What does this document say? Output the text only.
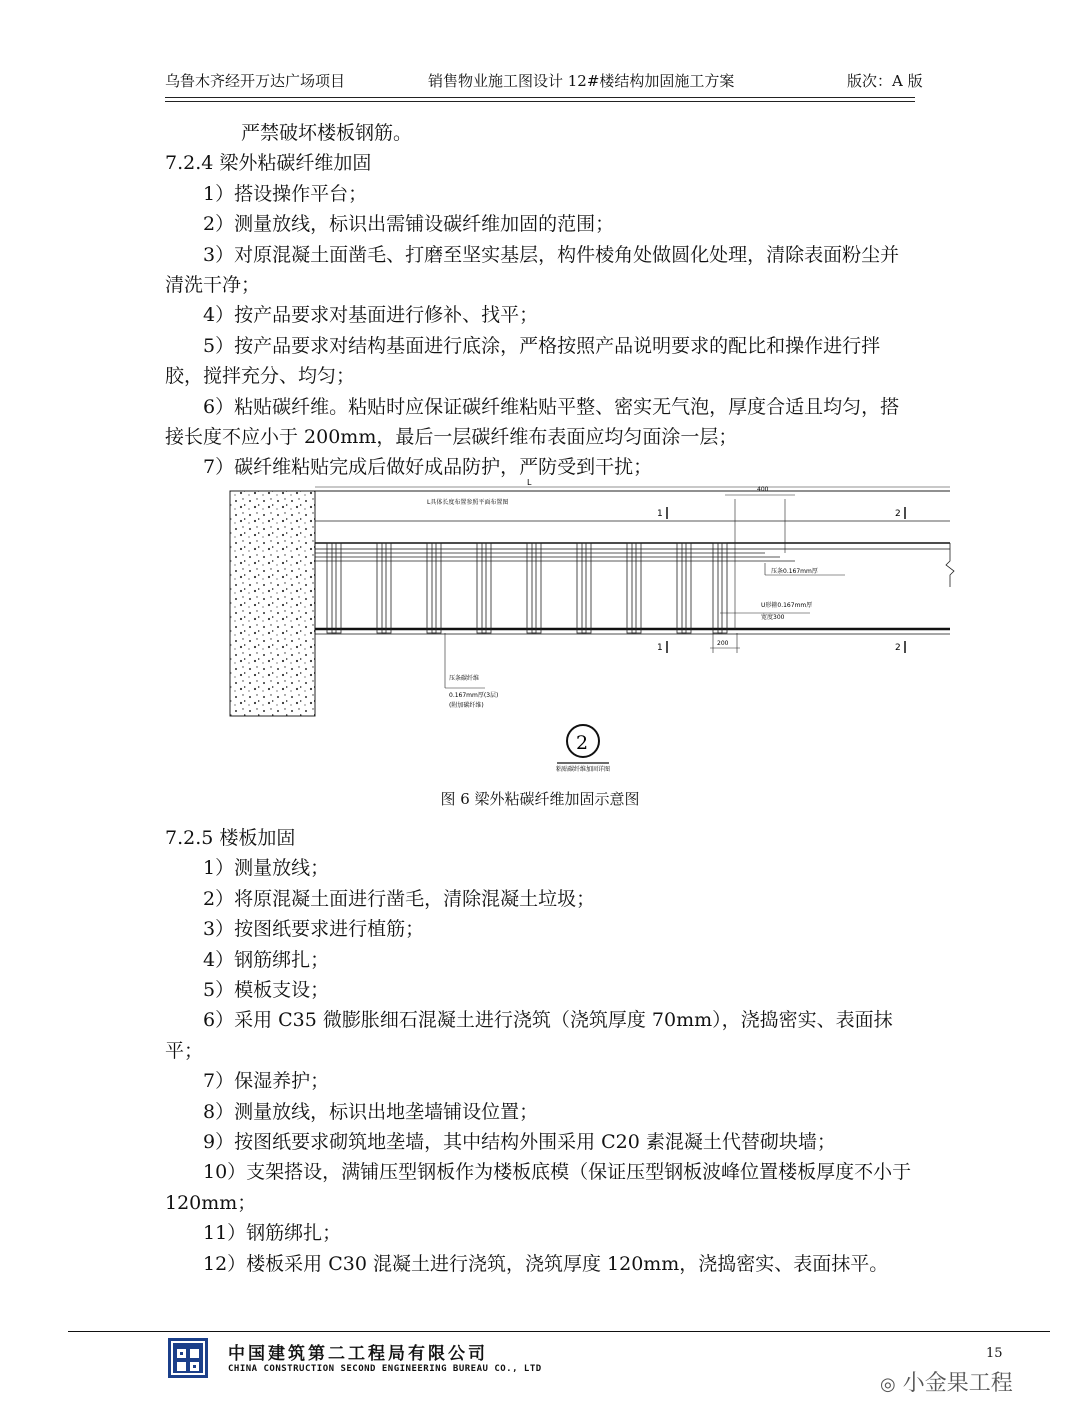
乌鲁木齐经开万达广场项目	销售物业施工图设计 12#楼结构加固施工方案	版次：A 版

严禁破坏楼板钢筋。

7.2.4 梁外粘碳纤维加固

1）搭设操作平台；

2）测量放线，标识出需铺设碳纤维加固的范围；

3）对原混凝土面凿毛、打磨至坚实基层，构件棱角处做圆化处理，清除表面粉尘并清洗干净；

4）按产品要求对基面进行修补、找平；

5）按产品要求对结构基面进行底涂，严格按照产品说明要求的配比和操作进行拌胶，搅拌充分、均匀；

6）粘贴碳纤维。粘贴时应保证碳纤维粘贴平整、密实无气泡，厚度合适且均匀，搭接长度不应小于 200mm，最后一层碳纤维布表面应均匀面涂一层；

7）碳纤维粘贴完成后做好成品防护，严防受到干扰；

L
400
200
L具体长度布置参照平面布置图
1
1
2
2
压条0.167mm厚
U形箍0.167mm厚
宽度300
压条碳纤维
0.167mm厚(3层)
(附加碳纤维)
2
粘贴碳纤维加固详图
图 6 梁外粘碳纤维加固示意图

7.2.5 楼板加固

1）测量放线；

2）将原混凝土面进行凿毛，清除混凝土垃圾；

3）按图纸要求进行植筋；

4）钢筋绑扎；

5）模板支设；

6）采用 C35 微膨胀细石混凝土进行浇筑（浇筑厚度 70mm），浇捣密实、表面抹平；

7）保湿养护；

8）测量放线，标识出地垄墙铺设位置；

9）按图纸要求砌筑地垄墙，其中结构外围采用 C20 素混凝土代替砌块墙；

10）支架搭设，满铺压型钢板作为楼板底模（保证压型钢板波峰位置楼板厚度不小于 120mm；

11）钢筋绑扎；

12）楼板采用 C30 混凝土进行浇筑，浇筑厚度 120mm，浇捣密实、表面抹平。

中国建筑第二工程局有限公司
CHINA CONSTRUCTION SECOND ENGINEERING BUREAU CO., LTD
15
◎ 小金果工程
